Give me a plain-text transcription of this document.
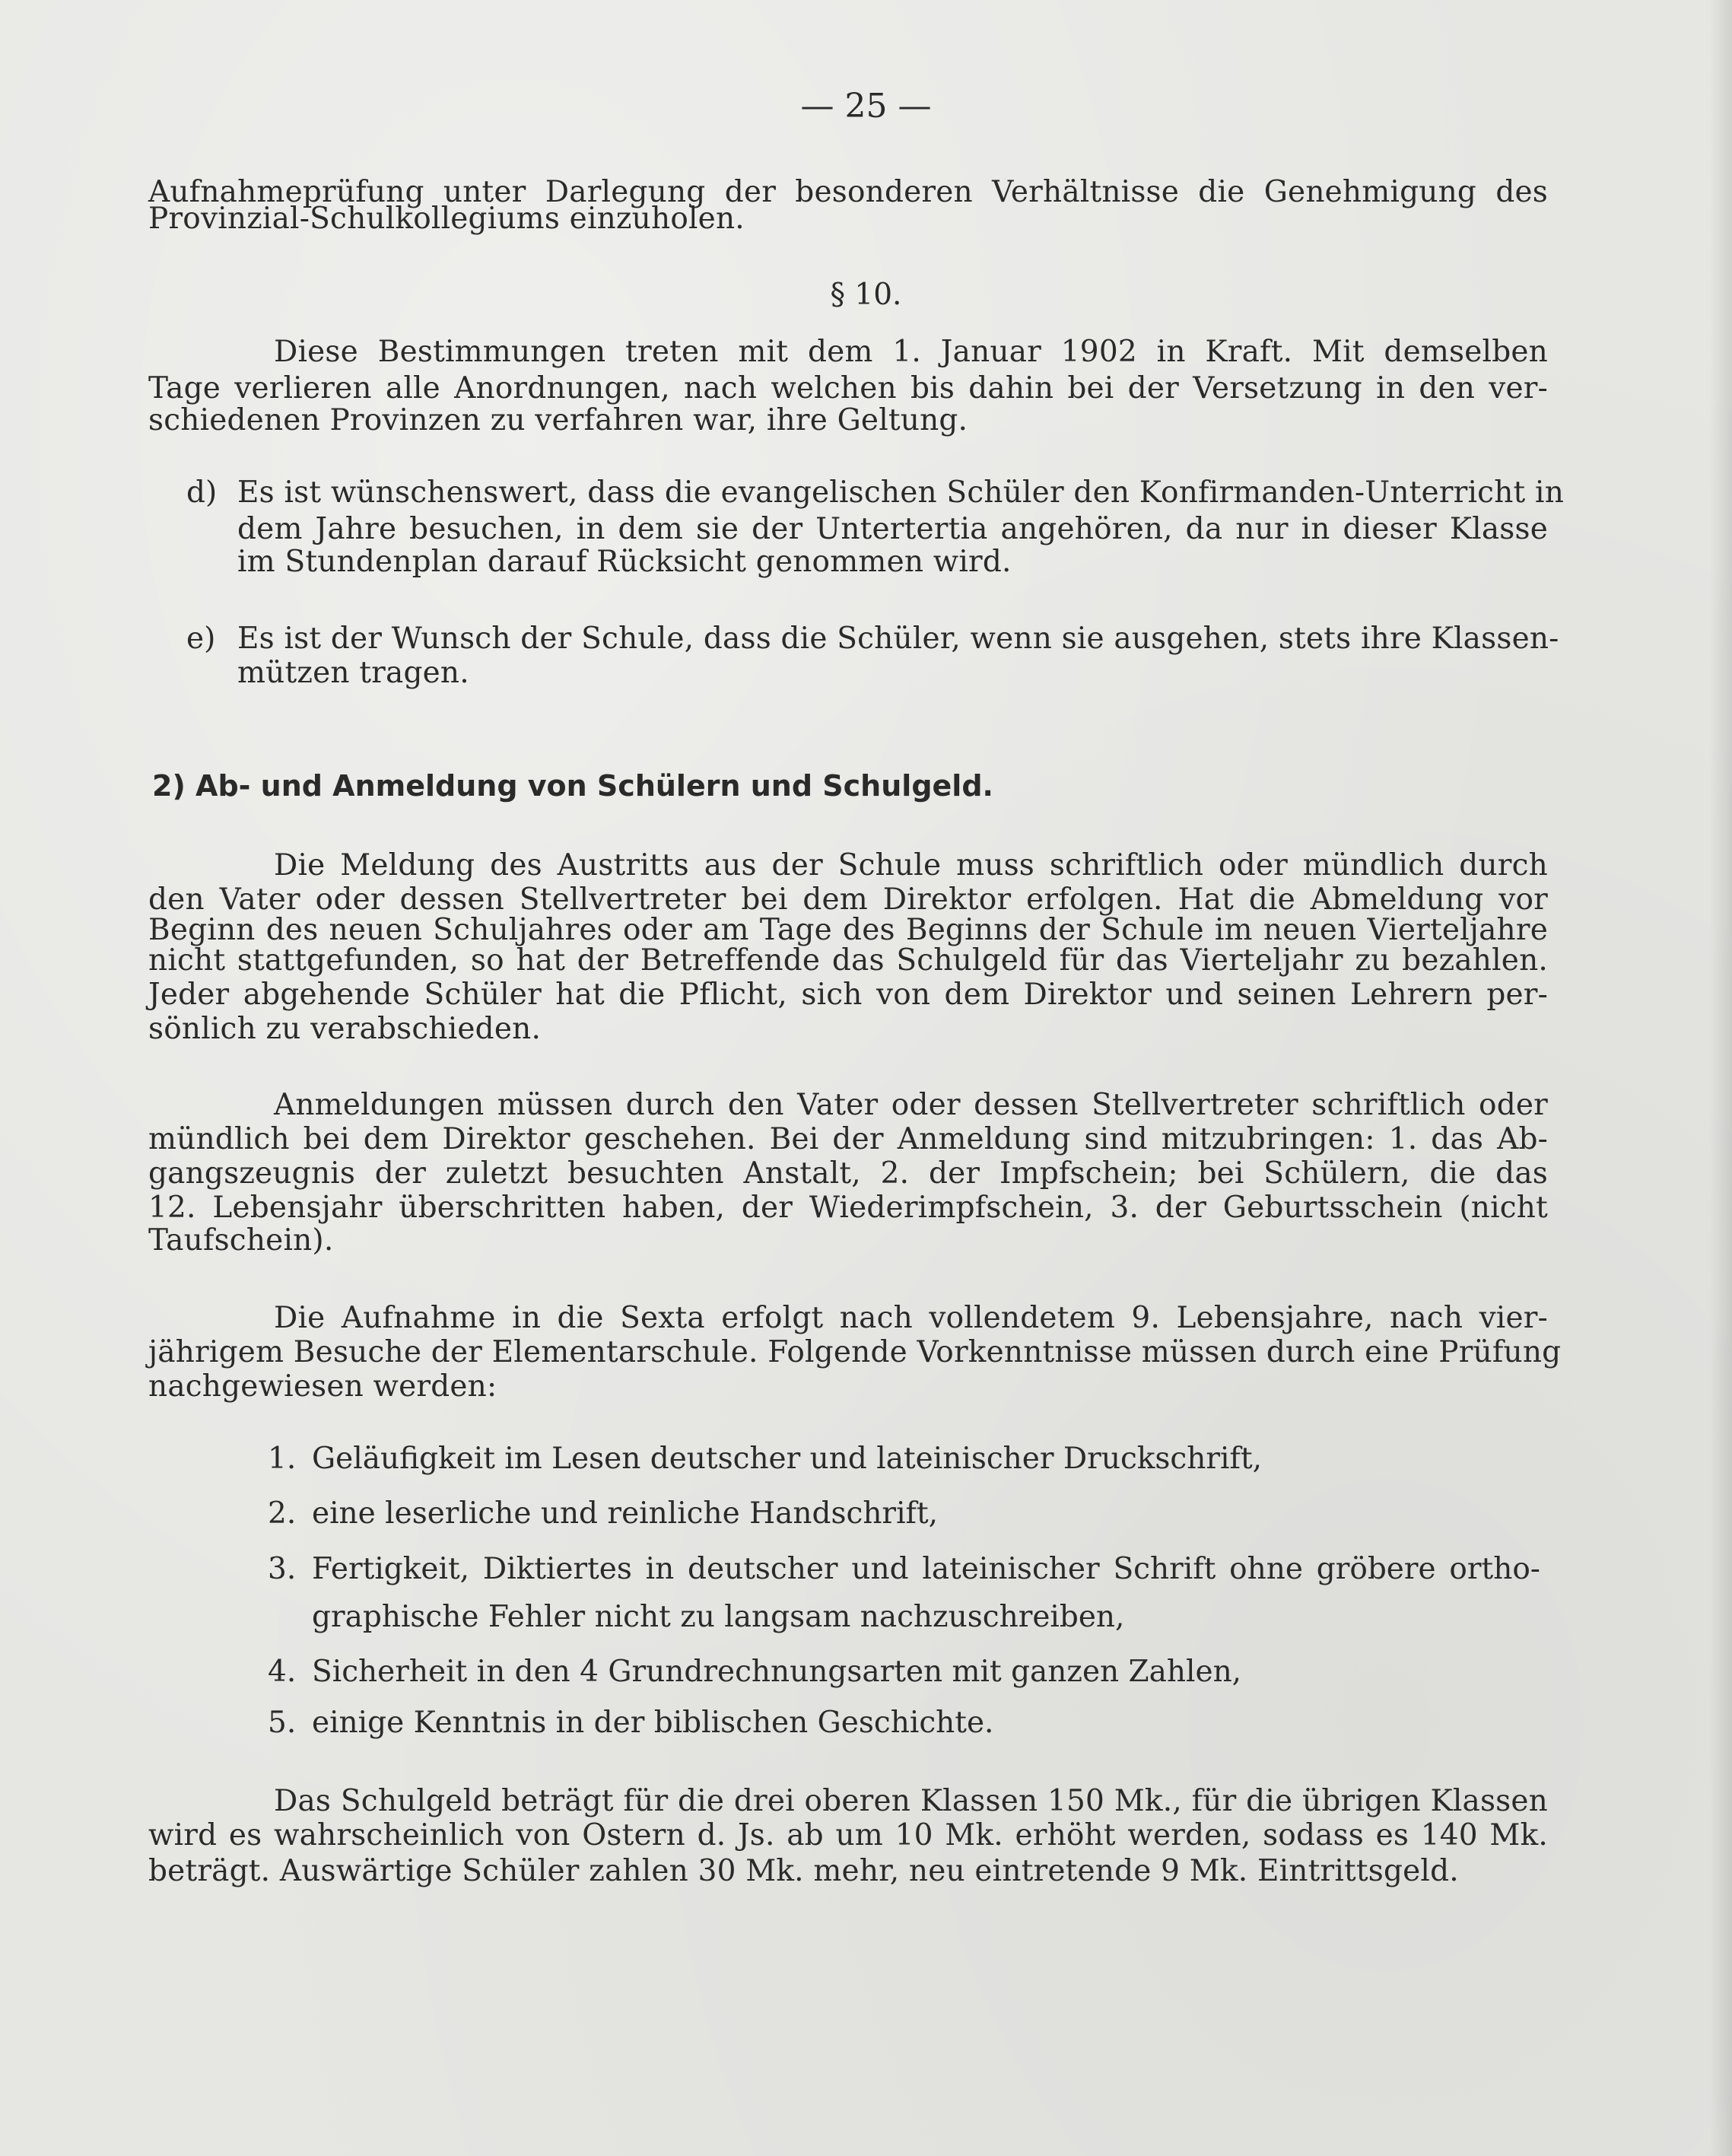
— 25 —
Aufnahmeprüfung unter Darlegung der besonderen Verhältnisse die Genehmigung des
Provinzial-Schulkollegiums einzuholen.
§ 10.
Diese Bestimmungen treten mit dem 1. Januar 1902 in Kraft. Mit demselben
Tage verlieren alle Anordnungen, nach welchen bis dahin bei der Versetzung in den ver-
schiedenen Provinzen zu verfahren war, ihre Geltung.
d) Es ist wünschenswert, dass die evangelischen Schüler den Konfirmanden-Unterricht in
dem Jahre besuchen, in dem sie der Untertertia angehören, da nur in dieser Klasse
im Stundenplan darauf Rücksicht genommen wird.
e) Es ist der Wunsch der Schule, dass die Schüler, wenn sie ausgehen, stets ihre Klassen-
mützen tragen.
2) Ab- und Anmeldung von Schülern und Schulgeld.
Die Meldung des Austritts aus der Schule muss schriftlich oder mündlich durch
den Vater oder dessen Stellvertreter bei dem Direktor erfolgen. Hat die Abmeldung vor
Beginn des neuen Schuljahres oder am Tage des Beginns der Schule im neuen Vierteljahre
nicht stattgefunden, so hat der Betreffende das Schulgeld für das Vierteljahr zu bezahlen.
Jeder abgehende Schüler hat die Pflicht, sich von dem Direktor und seinen Lehrern per-
sönlich zu verabschieden.
Anmeldungen müssen durch den Vater oder dessen Stellvertreter schriftlich oder
mündlich bei dem Direktor geschehen. Bei der Anmeldung sind mitzubringen: 1. das Ab-
gangszeugnis der zuletzt besuchten Anstalt, 2. der Impfschein; bei Schülern, die das
12. Lebensjahr überschritten haben, der Wiederimpfschein, 3. der Geburtsschein (nicht
Taufschein).
Die Aufnahme in die Sexta erfolgt nach vollendetem 9. Lebensjahre, nach vier-
jährigem Besuche der Elementarschule. Folgende Vorkenntnisse müssen durch eine Prüfung
nachgewiesen werden:
1. Geläufigkeit im Lesen deutscher und lateinischer Druckschrift,
2. eine leserliche und reinliche Handschrift,
3. Fertigkeit, Diktiertes in deutscher und lateinischer Schrift ohne gröbere ortho-
graphische Fehler nicht zu langsam nachzuschreiben,
4. Sicherheit in den 4 Grundrechnungsarten mit ganzen Zahlen,
5. einige Kenntnis in der biblischen Geschichte.
Das Schulgeld beträgt für die drei oberen Klassen 150 Mk., für die übrigen Klassen
wird es wahrscheinlich von Ostern d. Js. ab um 10 Mk. erhöht werden, sodass es 140 Mk.
beträgt. Auswärtige Schüler zahlen 30 Mk. mehr, neu eintretende 9 Mk. Eintrittsgeld.
